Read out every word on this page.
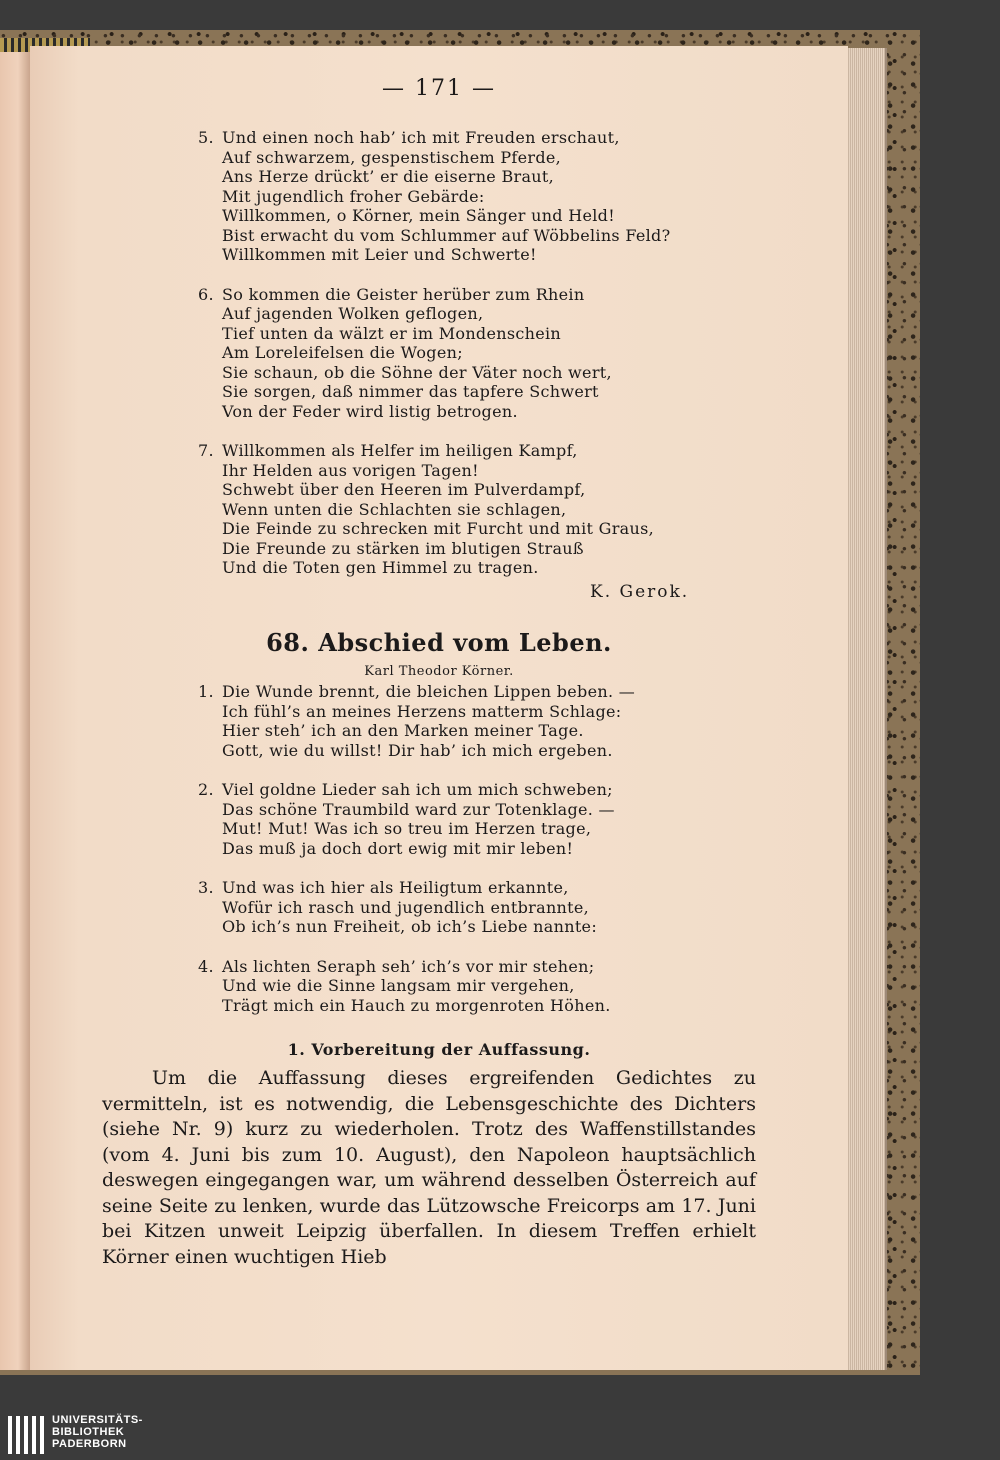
— 171 —
5. Und einen noch hab’ ich mit Freuden erschaut,
Auf schwarzem, gespenstischem Pferde,
Ans Herze drückt’ er die eiserne Braut,
Mit jugendlich froher Gebärde:
Willkommen, o Körner, mein Sänger und Held!
Bist erwacht du vom Schlummer auf Wöbbelins Feld?
Willkommen mit Leier und Schwerte!
6. So kommen die Geister herüber zum Rhein
Auf jagenden Wolken geflogen,
Tief unten da wälzt er im Mondenschein
Am Loreleifelsen die Wogen;
Sie schaun, ob die Söhne der Väter noch wert,
Sie sorgen, daß nimmer das tapfere Schwert
Von der Feder wird listig betrogen.
7. Willkommen als Helfer im heiligen Kampf,
Ihr Helden aus vorigen Tagen!
Schwebt über den Heeren im Pulverdampf,
Wenn unten die Schlachten sie schlagen,
Die Feinde zu schrecken mit Furcht und mit Graus,
Die Freunde zu stärken im blutigen Strauß
Und die Toten gen Himmel zu tragen.
K. Gerok.
68. Abschied vom Leben.
Karl Theodor Körner.
1. Die Wunde brennt, die bleichen Lippen beben. —
Ich fühl’s an meines Herzens matterm Schlage:
Hier steh’ ich an den Marken meiner Tage.
Gott, wie du willst! Dir hab’ ich mich ergeben.
2. Viel goldne Lieder sah ich um mich schweben;
Das schöne Traumbild ward zur Totenklage. —
Mut! Mut! Was ich so treu im Herzen trage,
Das muß ja doch dort ewig mit mir leben!
3. Und was ich hier als Heiligtum erkannte,
Wofür ich rasch und jugendlich entbrannte,
Ob ich’s nun Freiheit, ob ich’s Liebe nannte:
4. Als lichten Seraph seh’ ich’s vor mir stehen;
Und wie die Sinne langsam mir vergehen,
Trägt mich ein Hauch zu morgenroten Höhen.
1. Vorbereitung der Auffassung.

Um die Auffassung dieses ergreifenden Gedichtes zu vermitteln, ist es notwendig, die Lebensgeschichte des Dichters (siehe Nr. 9) kurz zu wiederholen. Trotz des Waffenstillstandes (vom 4. Juni bis zum 10. August), den Napoleon hauptsächlich deswegen eingegangen war, um während desselben Österreich auf seine Seite zu lenken, wurde das Lützowsche Freicorps am 17. Juni bei Kitzen unweit Leipzig überfallen. In diesem Treffen erhielt Körner einen wuchtigen Hieb

UNIVERSITÄTS-
BIBLIOTHEK
PADERBORN
